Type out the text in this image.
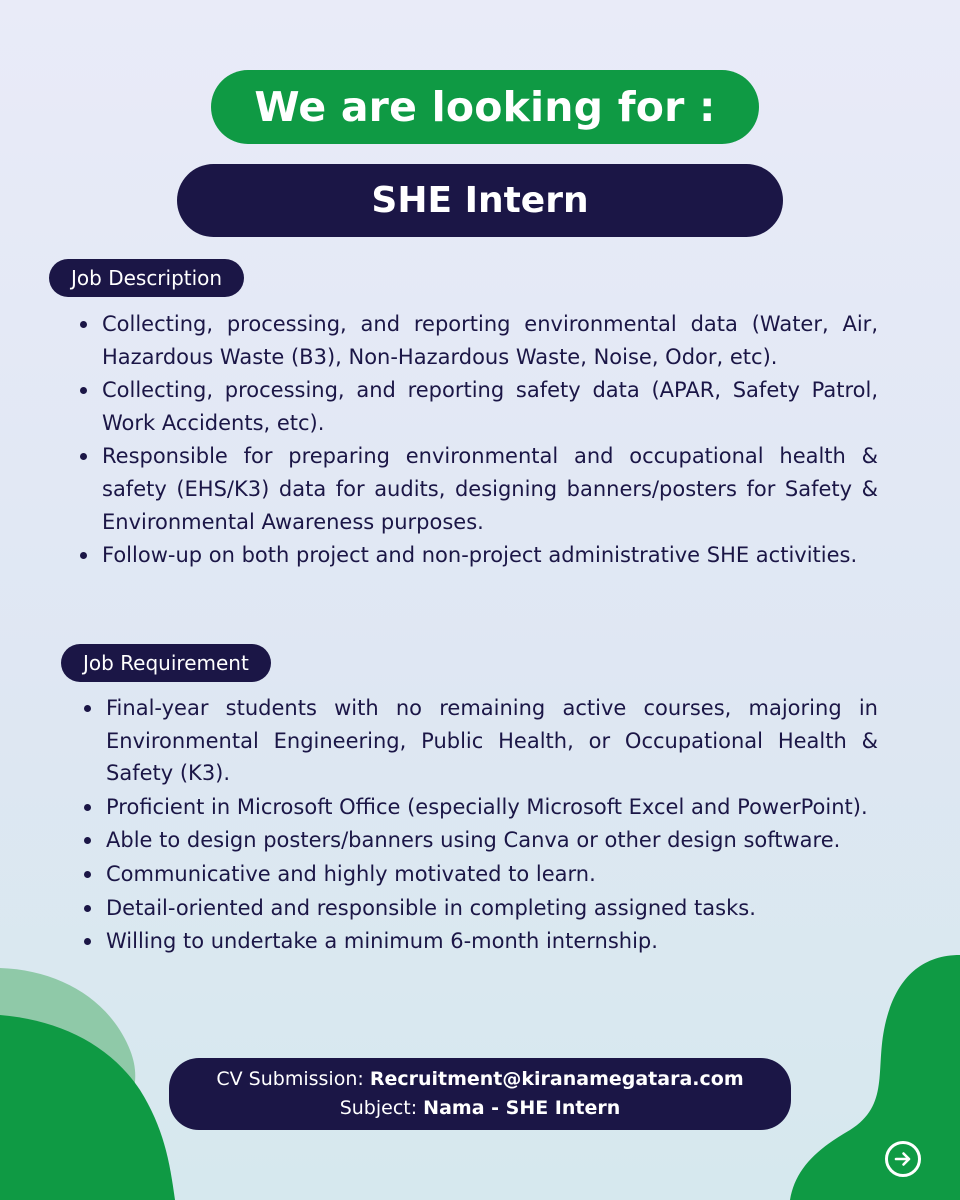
We are looking for :
SHE Intern
Job Description
Collecting, processing, and reporting environmental data (Water, Air, Hazardous Waste (B3), Non-Hazardous Waste, Noise, Odor, etc).
Collecting, processing, and reporting safety data (APAR, Safety Patrol, Work Accidents, etc).
Responsible for preparing environmental and occupational health & safety (EHS/K3) data for audits, designing banners/posters for Safety & Environmental Awareness purposes.
Follow-up on both project and non-project administrative SHE activities.
Job Requirement
Final-year students with no remaining active courses, majoring in Environmental Engineering, Public Health, or Occupational Health & Safety (K3).
Proficient in Microsoft Office (especially Microsoft Excel and PowerPoint).
Able to design posters/banners using Canva or other design software.
Communicative and highly motivated to learn.
Detail-oriented and responsible in completing assigned tasks.
Willing to undertake a minimum 6-month internship.
CV Submission: Recruitment@kiranamegatara.com
Subject: Nama - SHE Intern
